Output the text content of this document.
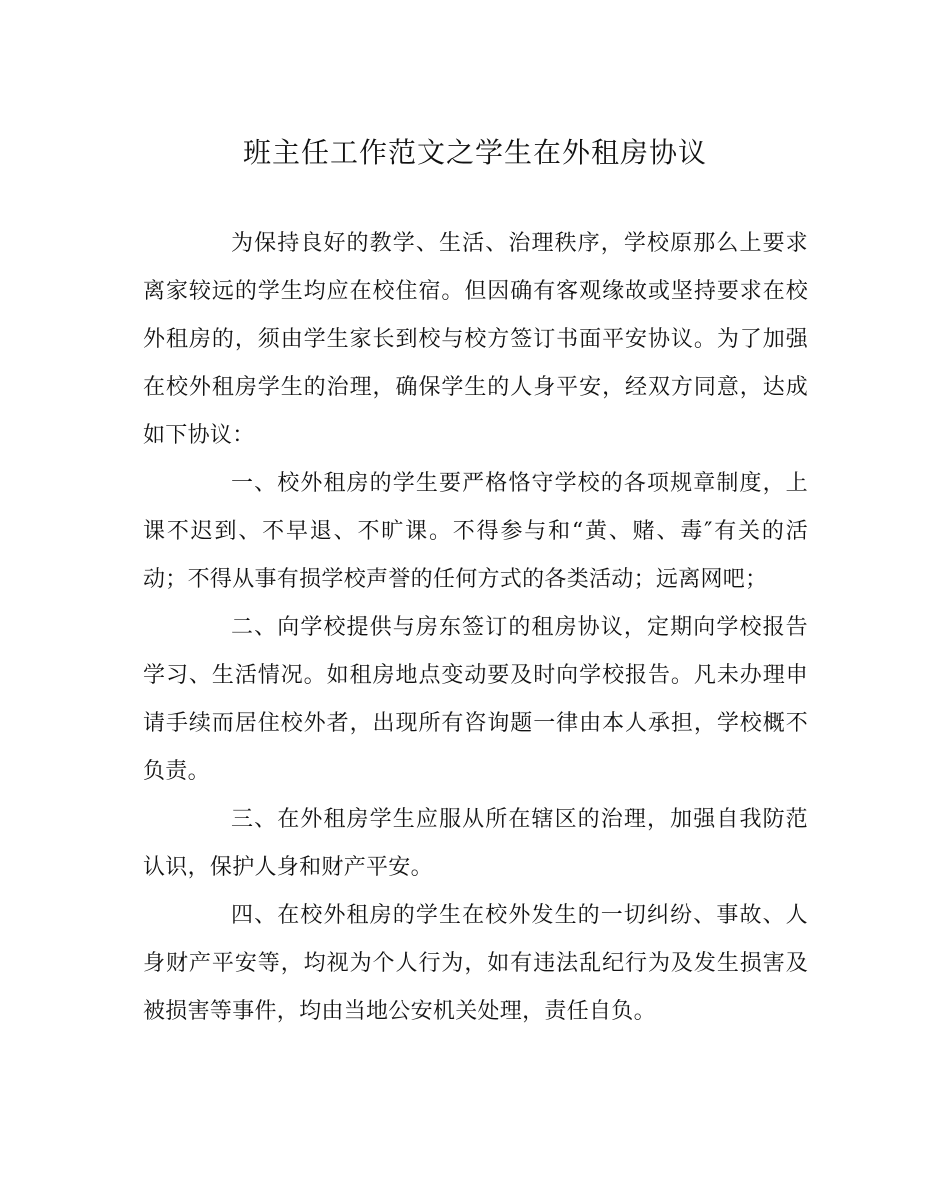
班主任工作范文之学生在外租房协议

为保持良好的教学、生活、治理秩序，学校原那么上要求离家较远的学生均应在校住宿。但因确有客观缘故或坚持要求在校外租房的，须由学生家长到校与校方签订书面平安协议。为了加强在校外租房学生的治理，确保学生的人身平安，经双方同意，达成如下协议：

一、校外租房的学生要严格恪守学校的各项规章制度，上课不迟到、不早退、不旷课。不得参与和“黄、赌、毒″有关的活动；不得从事有损学校声誉的任何方式的各类活动；远离网吧；

二、向学校提供与房东签订的租房协议，定期向学校报告学习、生活情况。如租房地点变动要及时向学校报告。凡未办理申请手续而居住校外者，出现所有咨询题一律由本人承担，学校概不负责。

三、在外租房学生应服从所在辖区的治理，加强自我防范认识，保护人身和财产平安。

四、在校外租房的学生在校外发生的一切纠纷、事故、人身财产平安等，均视为个人行为，如有违法乱纪行为及发生损害及被损害等事件，均由当地公安机关处理，责任自负。
